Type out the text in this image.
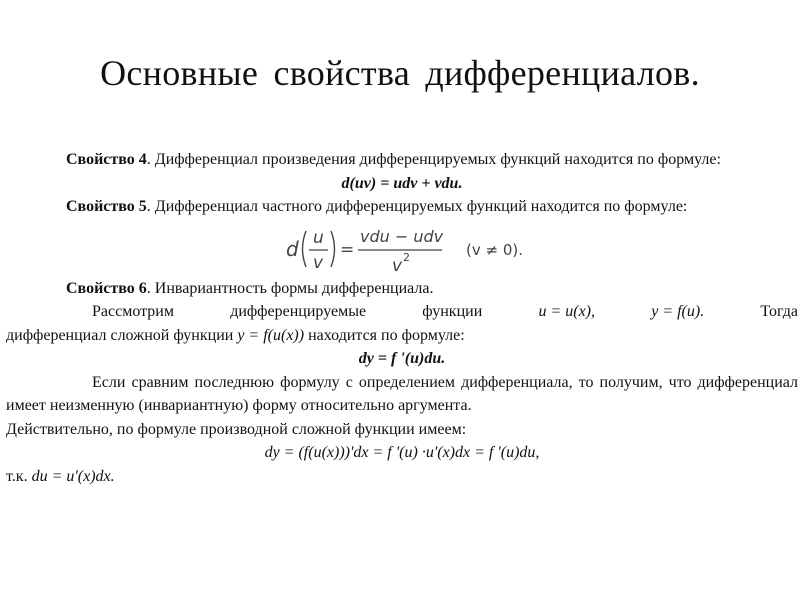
Основные свойства дифференциалов.

Свойство 4. Дифференциал произведения дифференцируемых функций находится по формуле:

d(uv) = udv + vdu.

Свойство 5. Дифференциал частного дифференцируемых функций находится по формуле:

d u
v
=
vdu − udv
v 2	(v ≠ 0).

Свойство 6. Инвариантность формы дифференциала.

Рассмотрим	дифференцируемые	функции	u = u(x),	y = f(u).	Тогда

дифференциал сложной функции y = f(u(x)) находится по формуле:

dy = f '(u)du.

Если сравним последнюю формулу с определением дифференциала, то получим, что дифференциал имеет неизменную (инвариантную) форму относительно аргумента.

Действительно, по формуле производной сложной функции имеем:

dy = (f(u(x)))'dx = f '(u) ·u'(x)dx = f '(u)du,

т.к. du = u'(x)dx.
